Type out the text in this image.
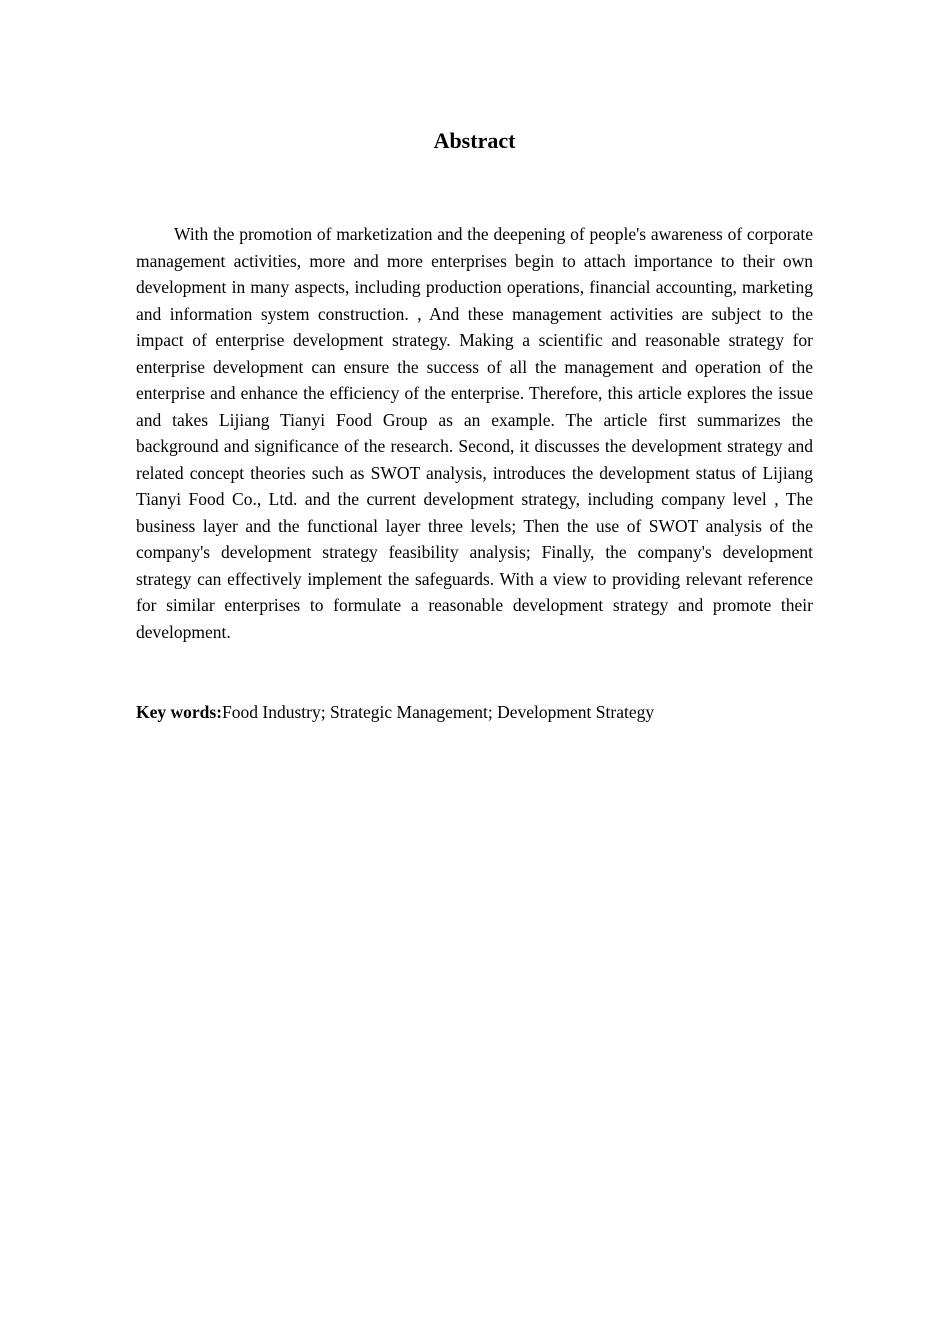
Abstract

With the promotion of marketization and the deepening of people's awareness of corporate management activities, more and more enterprises begin to attach importance to their own development in many aspects, including production operations, financial accounting, marketing and information system construction. , And these management activities are subject to the impact of enterprise development strategy. Making a scientific and reasonable strategy for enterprise development can ensure the success of all the management and operation of the enterprise and enhance the efficiency of the enterprise. Therefore, this article explores the issue and takes Lijiang Tianyi Food Group as an example. The article first summarizes the background and significance of the research. Second, it discusses the development strategy and related concept theories such as SWOT analysis, introduces the development status of Lijiang Tianyi Food Co., Ltd. and the current development strategy, including company level , The business layer and the functional layer three levels; Then the use of SWOT analysis of the company's development strategy feasibility analysis; Finally, the company's development strategy can effectively implement the safeguards. With a view to providing relevant reference for similar enterprises to formulate a reasonable development strategy and promote their development.

Key words:Food Industry; Strategic Management; Development Strategy
